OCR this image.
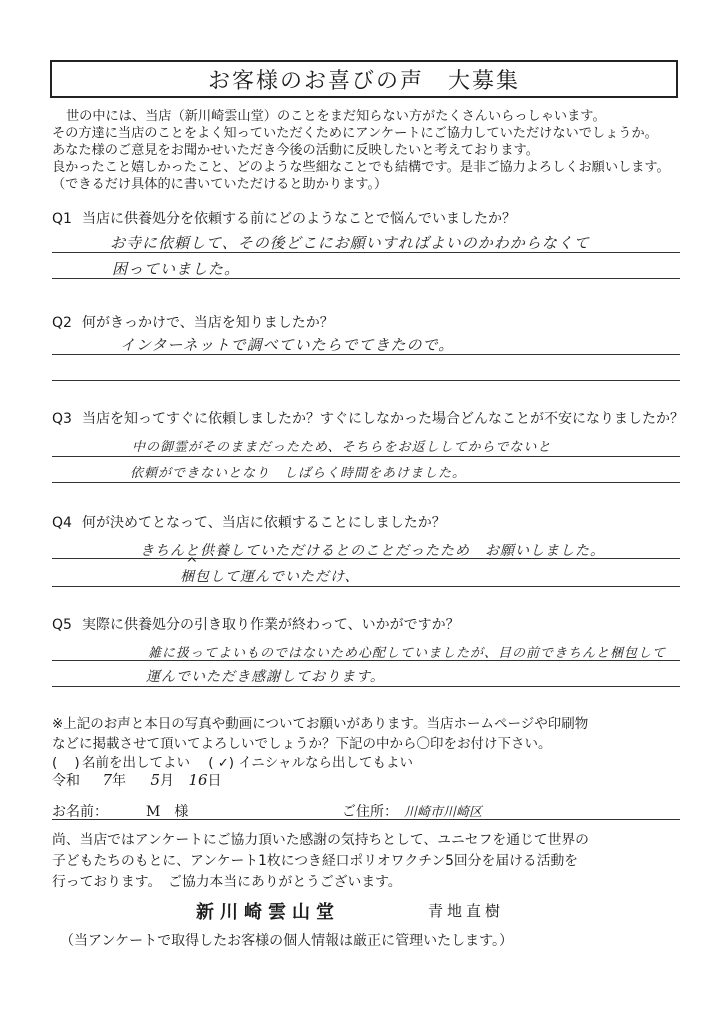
お客様のお喜びの声　大募集
世の中には、当店（新川崎雲山堂）のことをまだ知らない方がたくさんいらっしゃいます。
その方達に当店のことをよく知っていただくためにアンケートにご協力していただけないでしょうか。
あなた様のご意見をお聞かせいただき今後の活動に反映したいと考えております。
良かったこと嬉しかったこと、どのような些細なことでも結構です。是非ご協力よろしくお願いします。
（できるだけ具体的に書いていただけると助かります。）
Q1 当店に供養処分を依頼する前にどのようなことで悩んでいましたか？
お寺に依頼して、その後どこにお願いすればよいのかわからなくて
困っていました。
Q2 何がきっかけで、当店を知りましたか？
インターネットで調べていたらでてきたので。
Q3 当店を知ってすぐに依頼しましたか？すぐにしなかった場合どんなことが不安になりましたか？
中の御霊がそのままだったため、そちらをお返ししてからでないと
依頼ができないとなり　しばらく時間をあけました。
Q4 何が決めてとなって、当店に依頼することにしましたか？
きちんと供養していただけるとのことだったため　お願いしました。
^
梱包して運んでいただけ、
Q5 実際に供養処分の引き取り作業が終わって、いかがですか？
雑に扱ってよいものではないため心配していましたが、目の前できちんと梱包して
運んでいただき感謝しております。
※上記のお声と本日の写真や動画についてお願いがあります。当店ホームページや印刷物
などに掲載させて頂いてよろしいでしょうか？下記の中から〇印をお付け下さい。
(    ) 名前を出してよい ( ✓) イニシャルなら出してもよい
令和 7年 5月 16日
お名前：	M　様	ご住所： 川崎市川崎区
尚、当店ではアンケートにご協力頂いた感謝の気持ちとして、ユニセフを通じて世界の
子どもたちのもとに、アンケート1枚につき経口ポリオワクチン5回分を届ける活動を
行っております。　ご協力本当にありがとうございます。
新川崎雲山堂	青地直樹
（当アンケートで取得したお客様の個人情報は厳正に管理いたします。）
